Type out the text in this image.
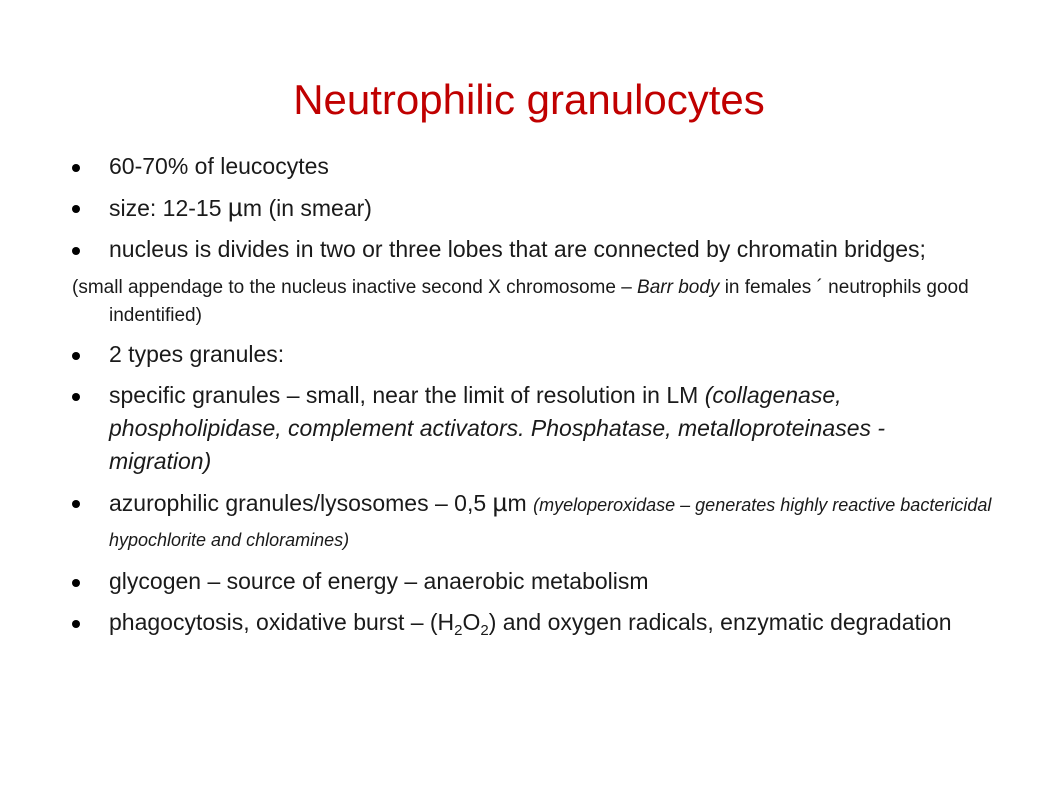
Neutrophilic granulocytes
60-70% of leucocytes
size: 12-15 µm (in smear)
nucleus is divides in two or three lobes that are connected by chromatin bridges;
(small appendage to the nucleus inactive second X chromosome – Barr body in females ´ neutrophils good indentified)
2 types granules:
specific granules – small, near the limit of resolution in LM (collagenase, phospholipidase, complement activators. Phosphatase, metalloproteinases - migration)
azurophilic granules/lysosomes – 0,5 µm (myeloperoxidase – generates highly reactive bactericidal hypochlorite and chloramines)
glycogen – source of energy – anaerobic metabolism
phagocytosis, oxidative burst – $(H_2O_2)$ and oxygen radicals, enzymatic degradation
